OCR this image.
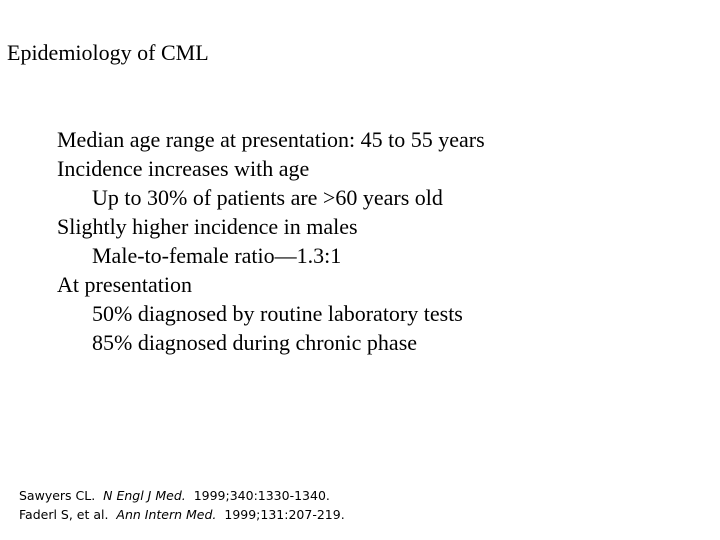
Epidemiology of CML
Median age range at presentation: 45 to 55 years
Incidence increases with age
Up to 30% of patients are >60 years old
Slightly higher incidence in males
Male-to-female ratio—1.3:1
At presentation
50% diagnosed by routine laboratory tests
85% diagnosed during chronic phase
Sawyers CL. N Engl J Med. 1999;340:1330-1340.
Faderl S, et al. Ann Intern Med. 1999;131:207-219.
